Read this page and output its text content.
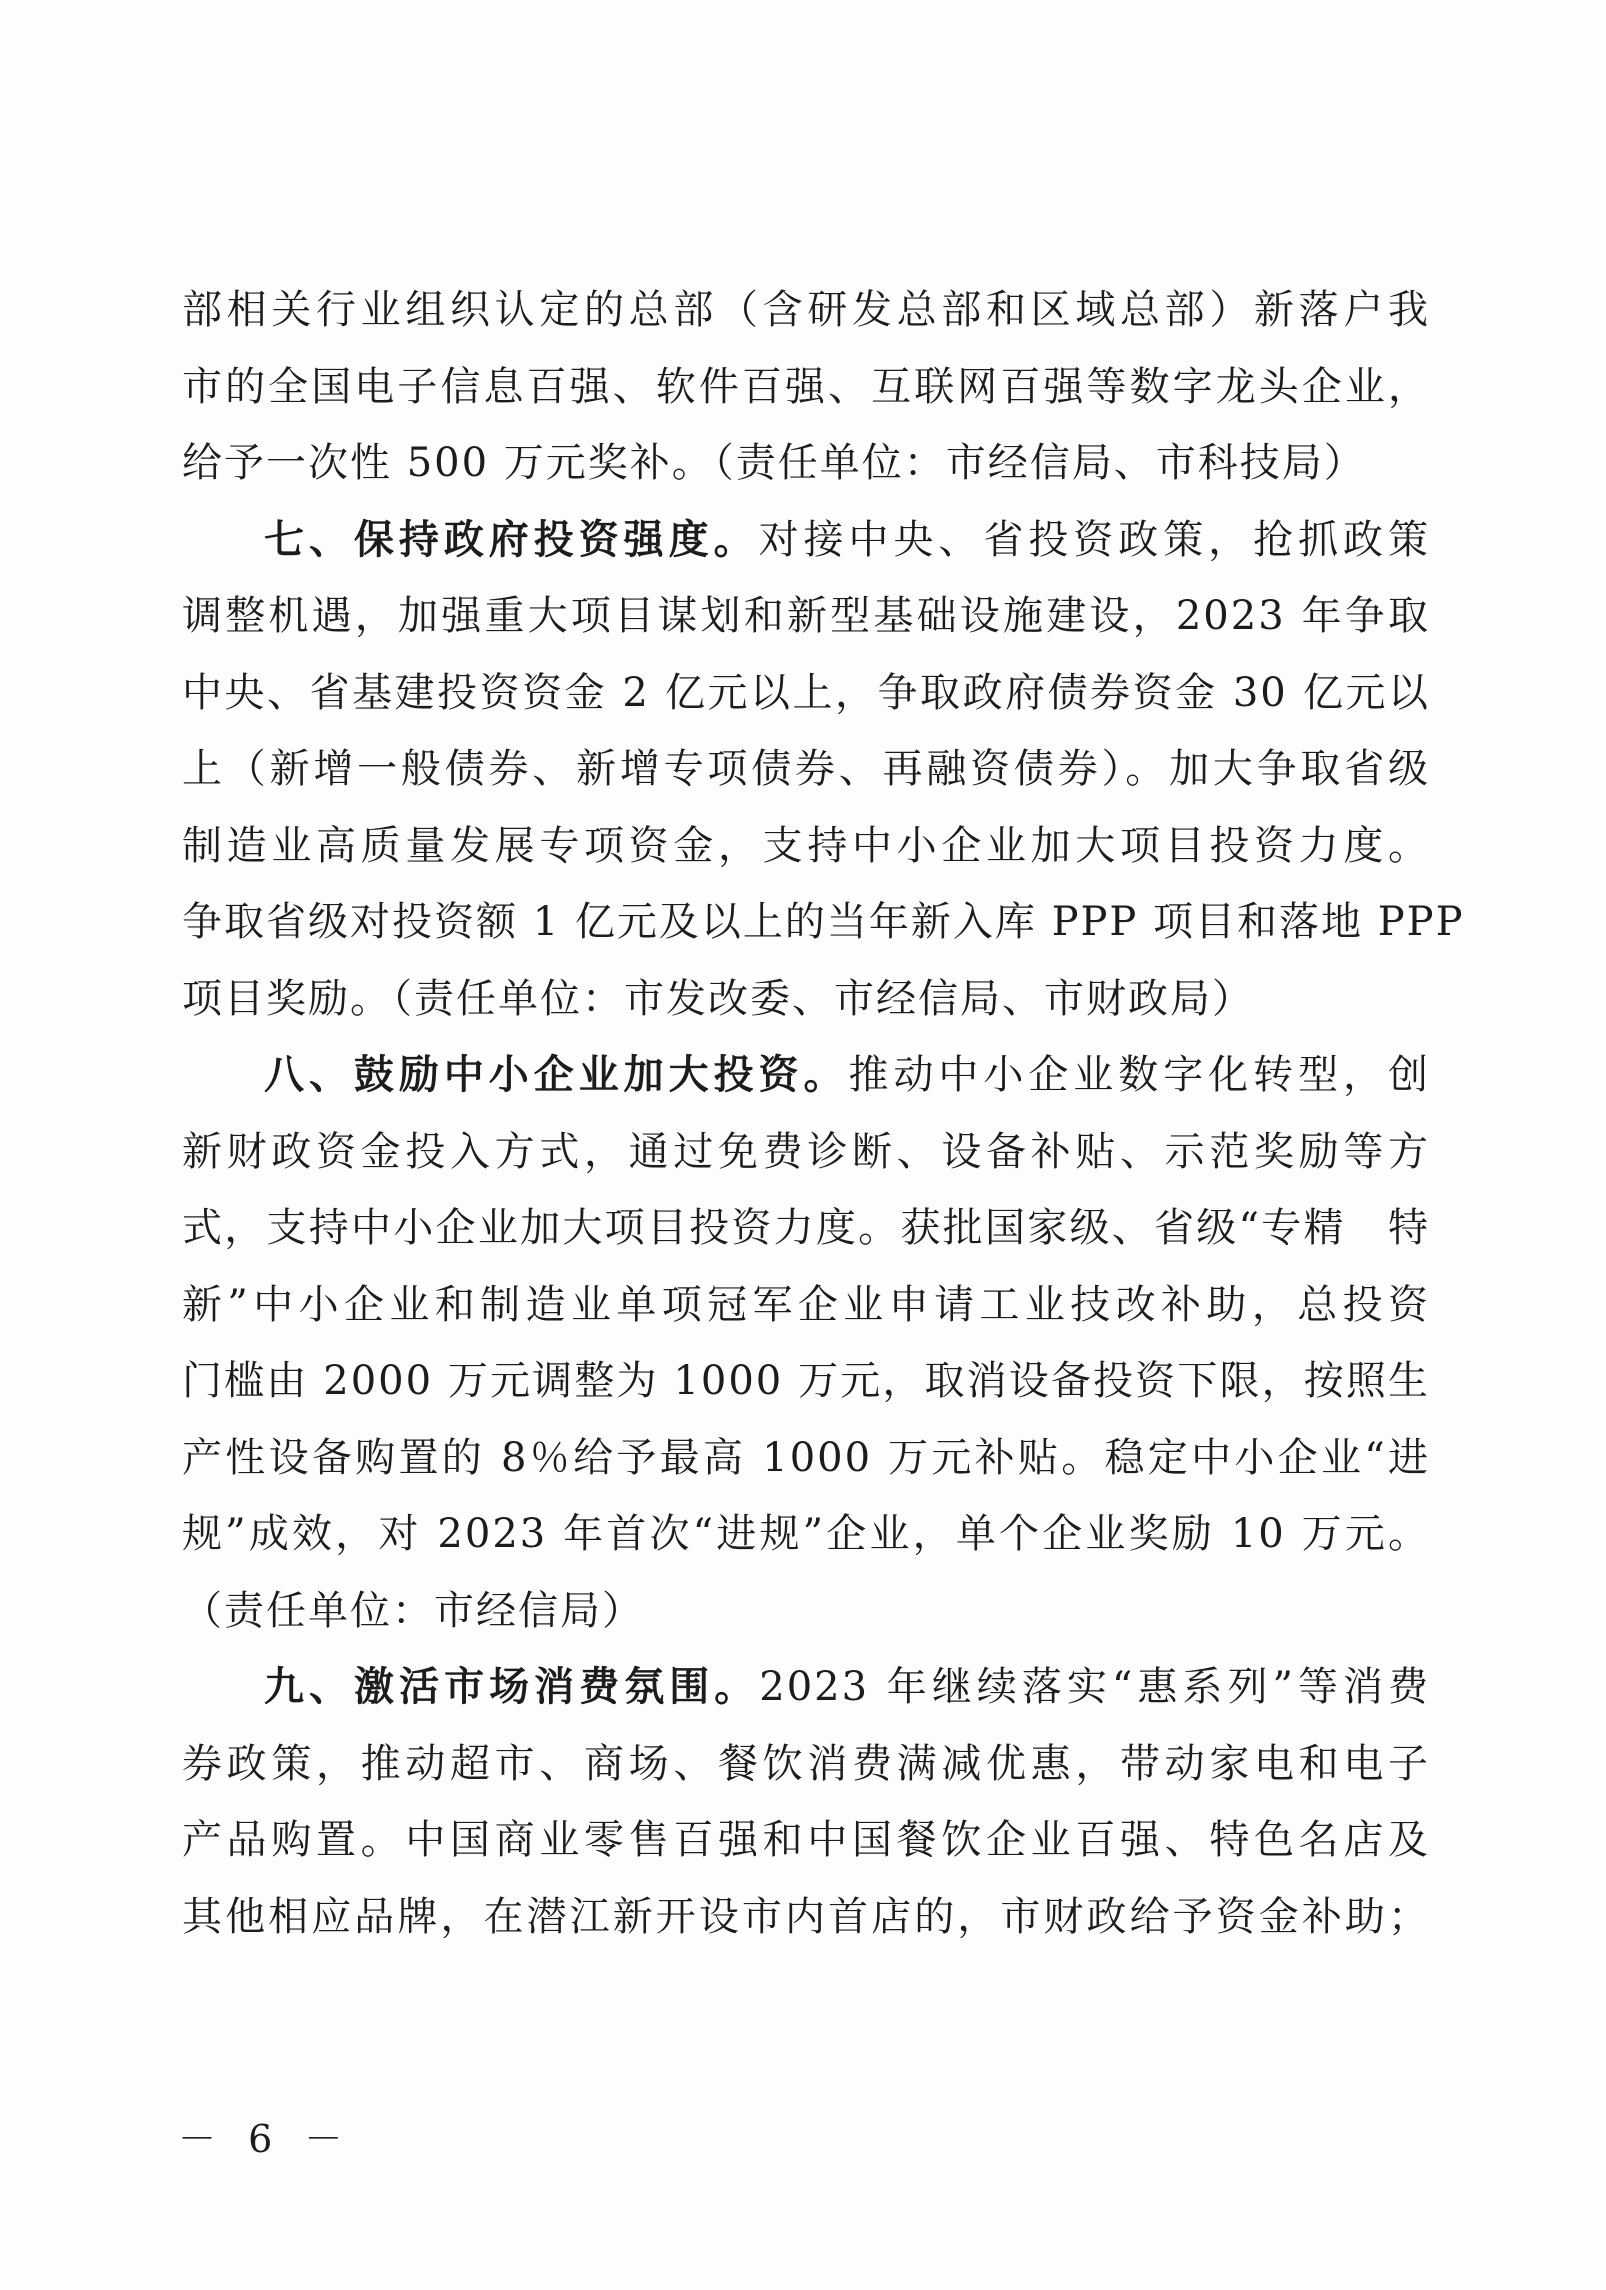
部相关行业组织认定的总部（含研发总部和区域总部）新落户我
市的全国电子信息百强、软件百强、互联网百强等数字龙头企业，
给予一次性 500 万元奖补。（责任单位：市经信局、市科技局）
七、保持政府投资强度。对接中央、省投资政策，抢抓政策
调整机遇，加强重大项目谋划和新型基础设施建设，2023 年争取
中央、省基建投资资金 2 亿元以上，争取政府债券资金 30 亿元以
上（新增一般债券、新增专项债券、再融资债券）。加大争取省级
制造业高质量发展专项资金，支持中小企业加大项目投资力度。
争取省级对投资额 1 亿元及以上的当年新入库 PPP 项目和落地 PPP
项目奖励。（责任单位：市发改委、市经信局、市财政局）
八、鼓励中小企业加大投资。推动中小企业数字化转型，创
新财政资金投入方式，通过免费诊断、设备补贴、示范奖励等方
式，支持中小企业加大项目投资力度。获批国家级、省级“专精　特
新”中小企业和制造业单项冠军企业申请工业技改补助，总投资
门槛由 2000 万元调整为 1000 万元，取消设备投资下限，按照生
产性设备购置的 8％给予最高 1000 万元补贴。稳定中小企业“进
规”成效，对 2023 年首次“进规”企业，单个企业奖励 10 万元。
（责任单位：市经信局）
九、激活市场消费氛围。2023 年继续落实“惠系列”等消费
券政策，推动超市、商场、餐饮消费满减优惠，带动家电和电子
产品购置。中国商业零售百强和中国餐饮企业百强、特色名店及
其他相应品牌，在潜江新开设市内首店的，市财政给予资金补助；
－ 6 －
